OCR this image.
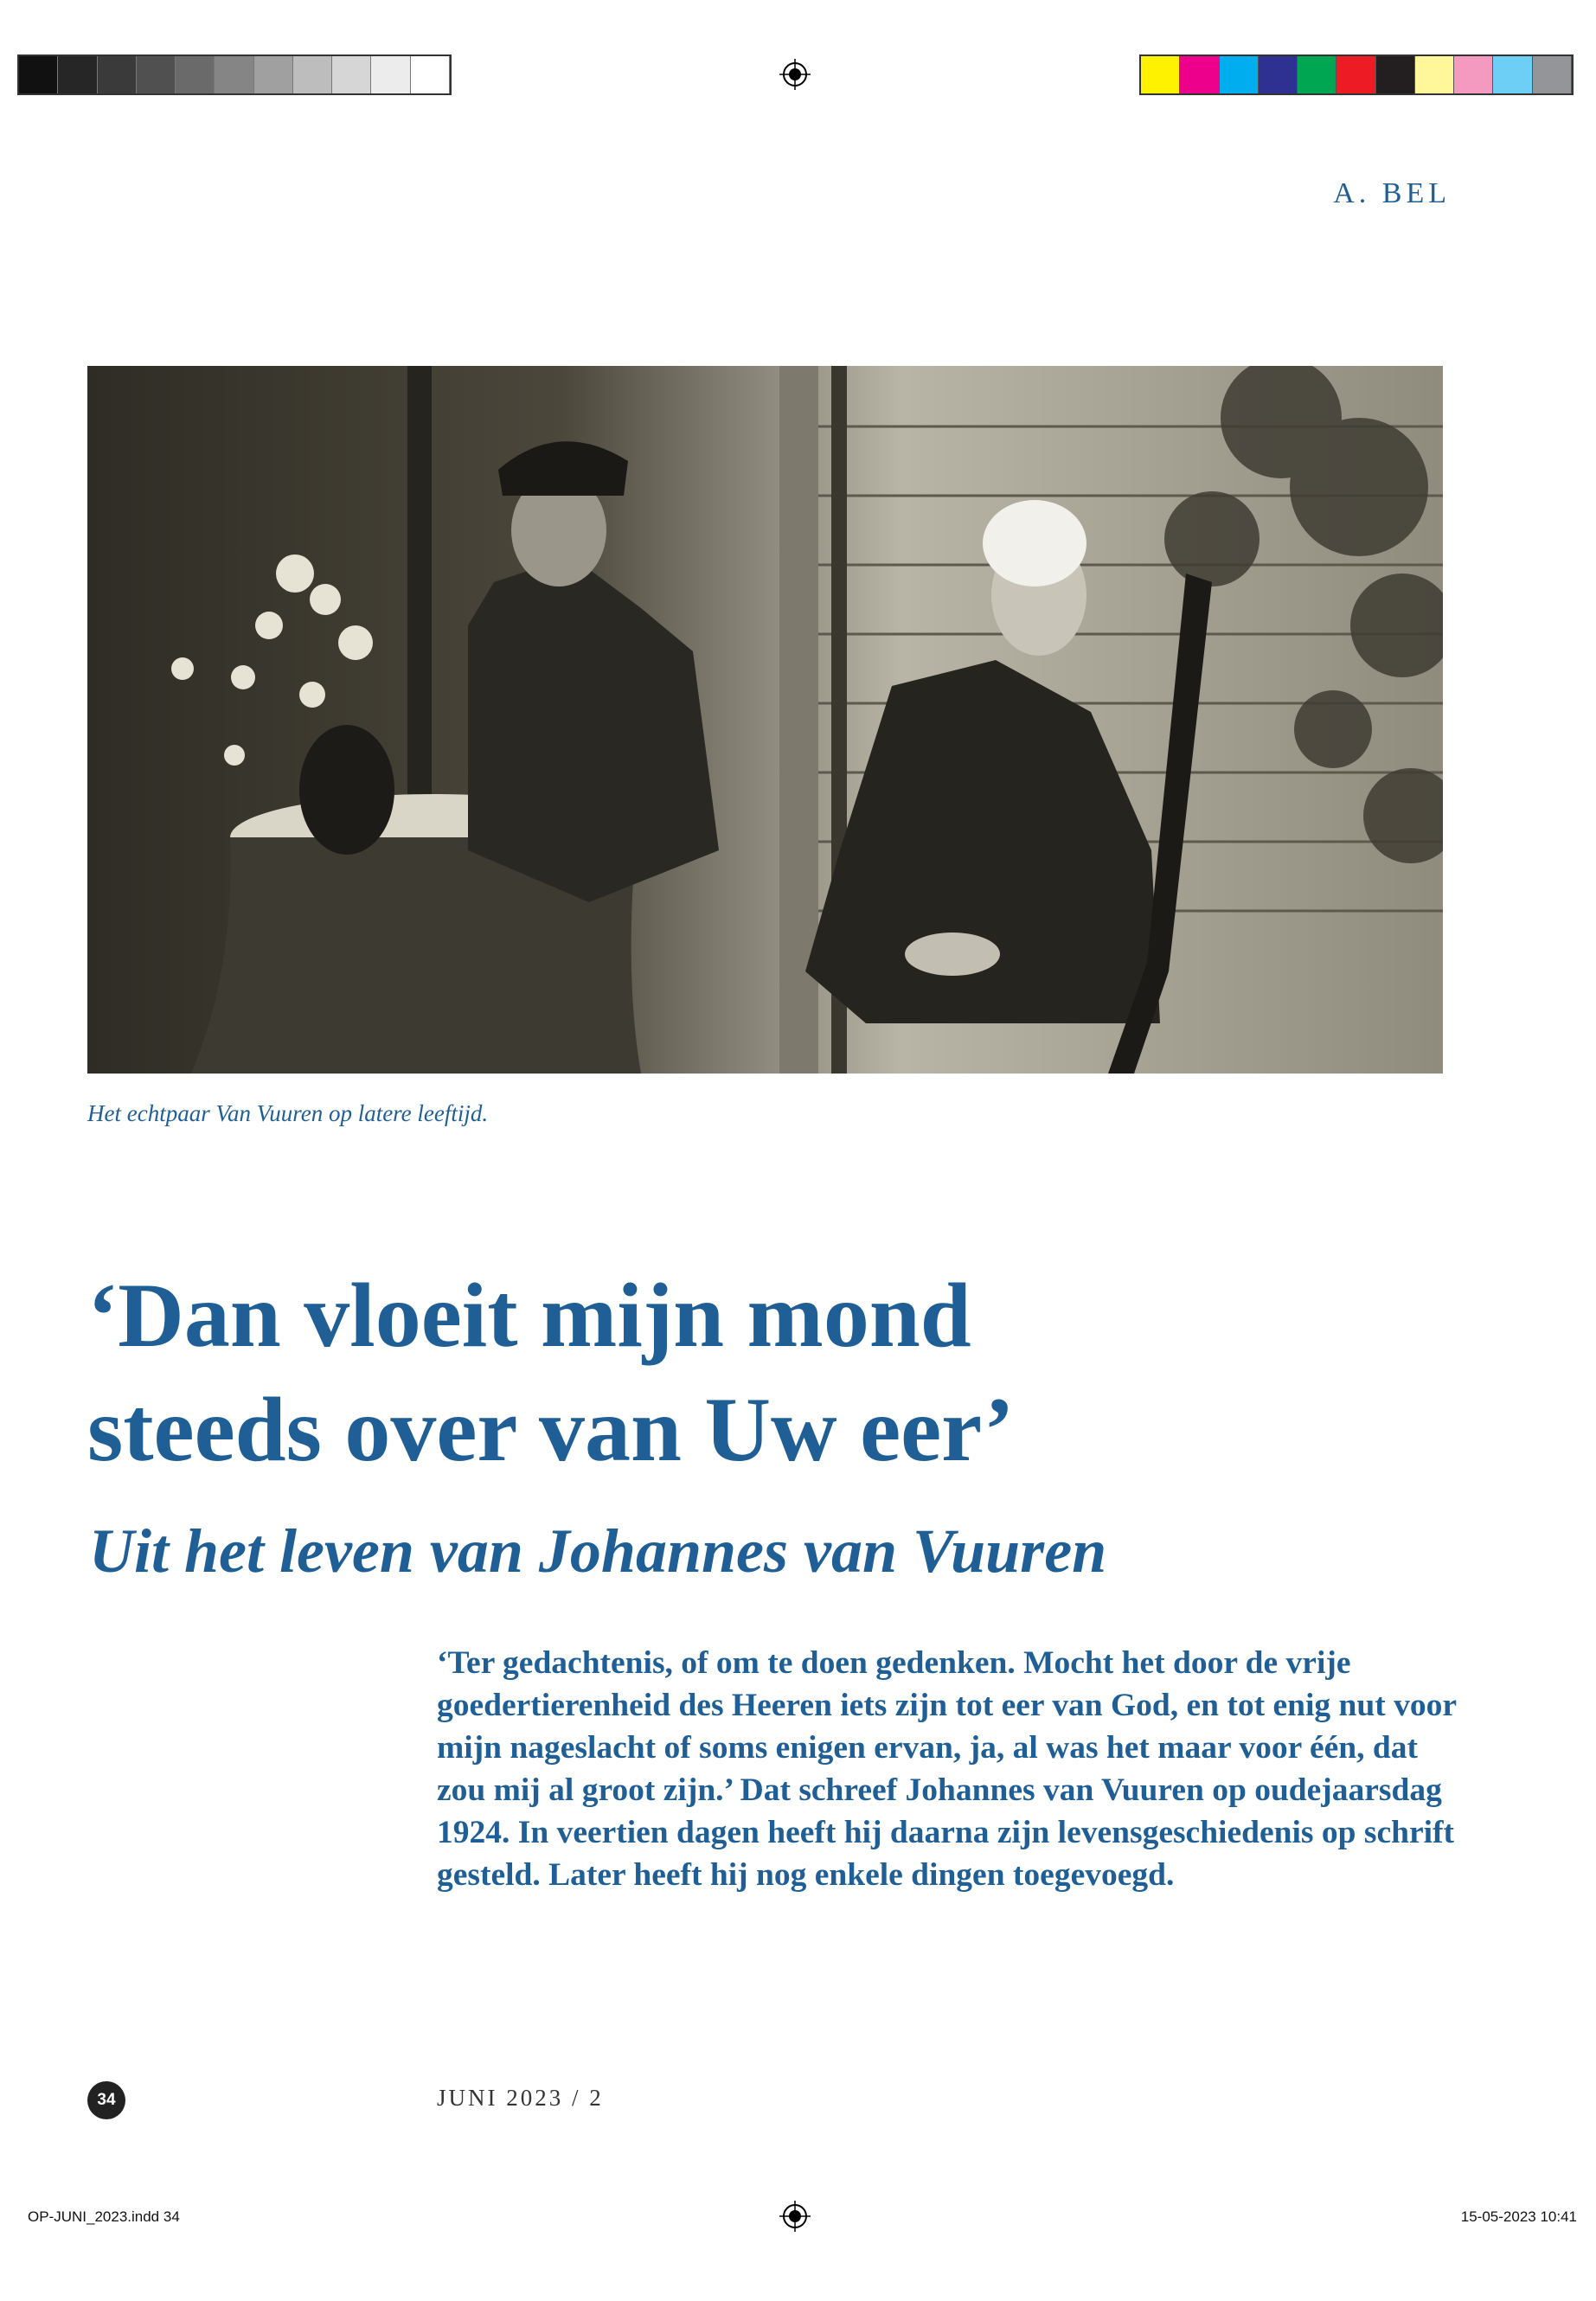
A. BEL
Het echtpaar Van Vuuren op latere leeftijd.
‘Dan vloeit mijn mond
steeds over van Uw eer’
Uit het leven van Johannes van Vuuren

‘Ter gedachtenis, of om te doen gedenken. Mocht het door de vrije goedertierenheid des Heeren iets zijn tot eer van God, en tot enig nut voor mijn nageslacht of soms enigen ervan, ja, al was het maar voor één, dat zou mij al groot zijn.’ Dat schreef Johannes van Vuuren op oudejaarsdag 1924. In veertien dagen heeft hij daarna zijn levensgeschiedenis op schrift gesteld. Later heeft hij nog enkele dingen toegevoegd.

34	JUNI 2023 / 2
OP-JUNI_2023.indd 34	15-05-2023 10:41
